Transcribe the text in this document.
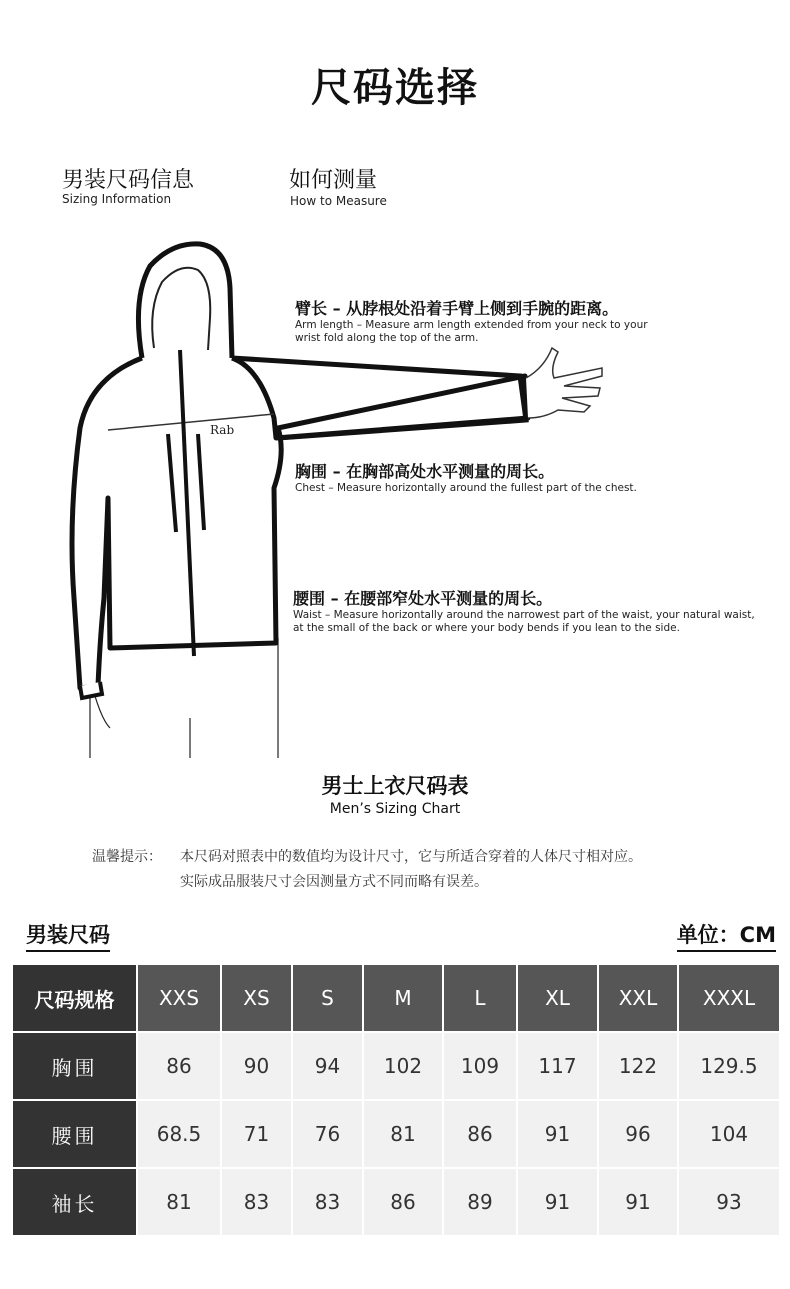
尺码选择
男装尺码信息
Sizing Information
如何测量
How to Measure
Rab
臂长 – 从脖根处沿着手臂上侧到手腕的距离。
Arm length – Measure arm length extended from your neck to your
wrist fold along the top of the arm.
胸围 – 在胸部高处水平测量的周长。
Chest – Measure horizontally around the fullest part of the chest.
腰围 – 在腰部窄处水平测量的周长。
Waist – Measure horizontally around the narrowest part of the waist, your natural waist,
at the small of the back or where your body bends if you lean to the side.
男士上衣尺码表
Men’s Sizing Chart
温馨提示： 本尺码对照表中的数值均为设计尺寸，它与所适合穿着的人体尺寸相对应。
实际成品服装尺寸会因测量方式不同而略有误差。
男装尺码	单位：CM
尺码规格	XXS	XS	S	M	L	XL	XXL	XXXL
胸围	86	90	94	102	109	117	122	129.5
腰围	68.5	71	76	81	86	91	96	104
袖长	81	83	83	86	89	91	91	93
